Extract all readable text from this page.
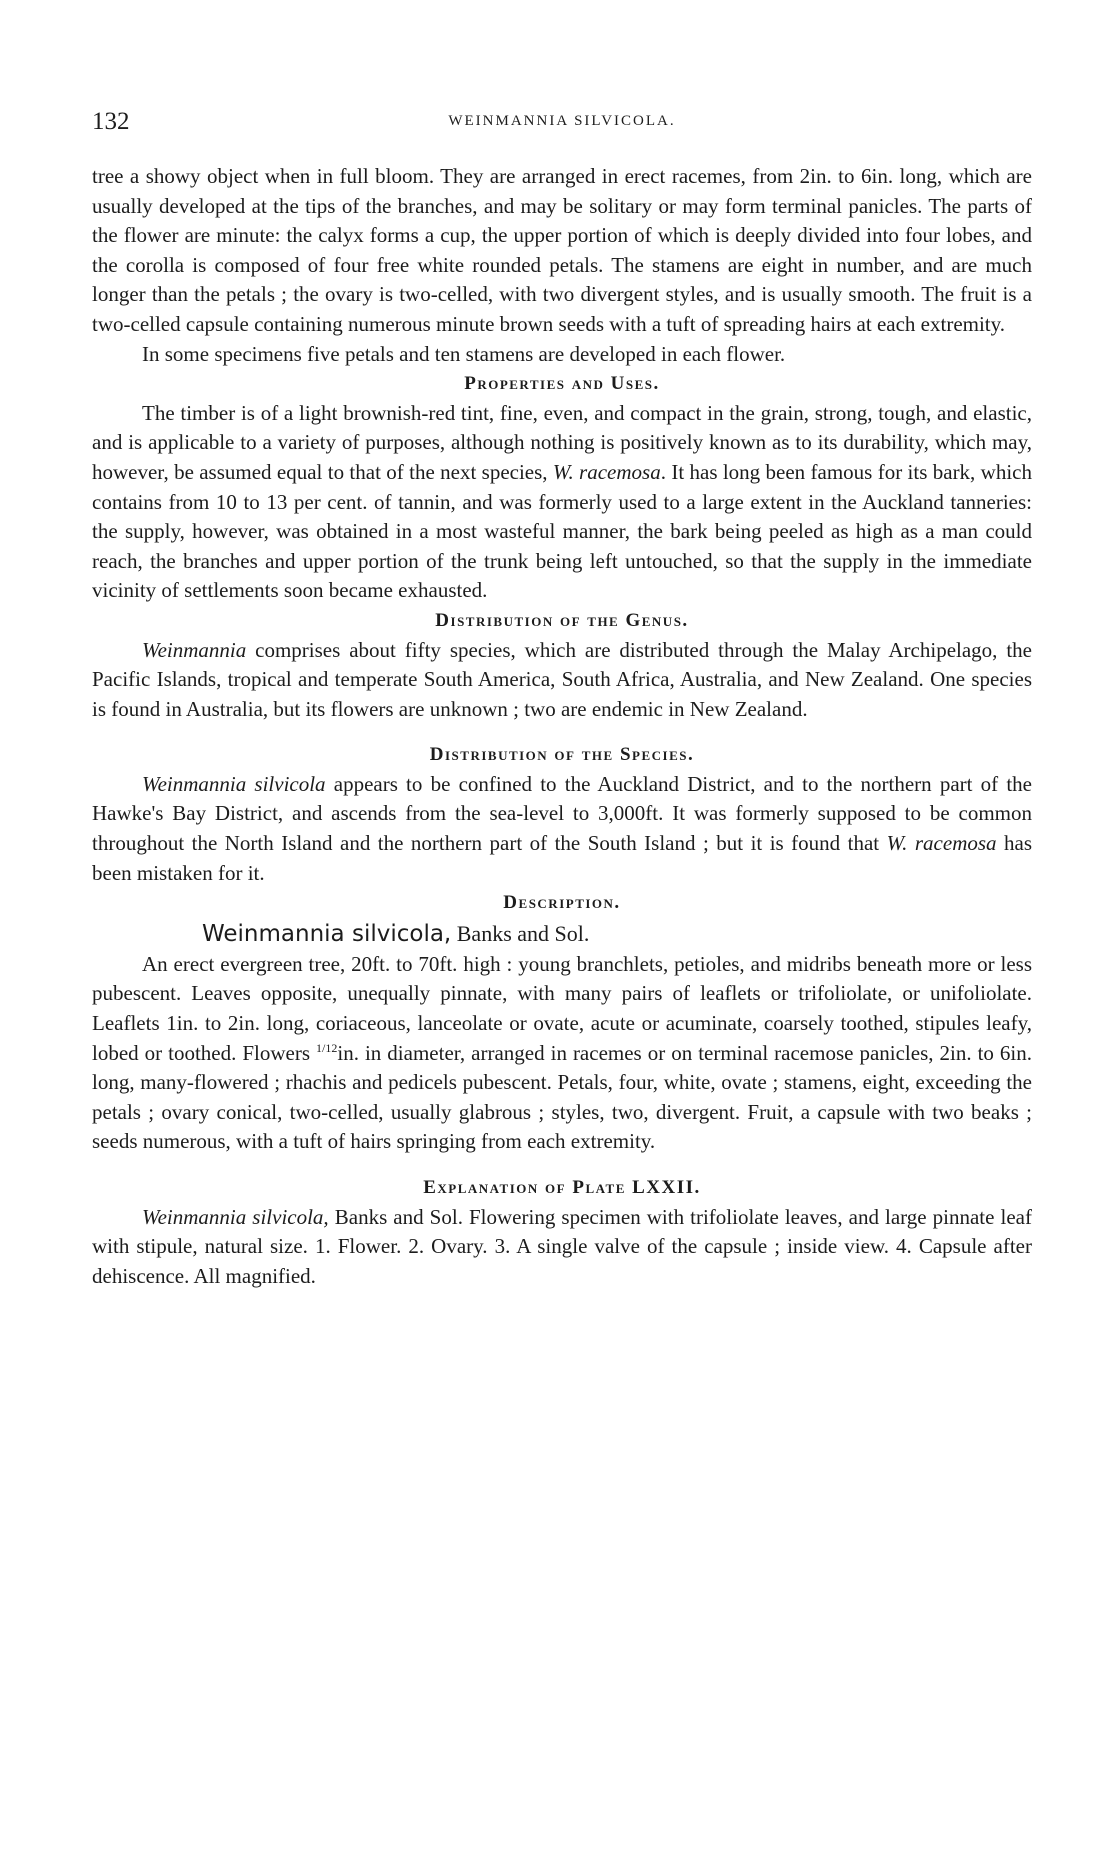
132	WEINMANNIA SILVICOLA.

tree a showy object when in full bloom. They are arranged in erect racemes, from 2in. to 6in. long, which are usually developed at the tips of the branches, and may be solitary or may form terminal panicles. The parts of the flower are minute: the calyx forms a cup, the upper portion of which is deeply divided into four lobes, and the corolla is composed of four free white rounded petals. The stamens are eight in number, and are much longer than the petals ; the ovary is two-celled, with two divergent styles, and is usually smooth. The fruit is a two-celled capsule containing numerous minute brown seeds with a tuft of spreading hairs at each extremity.

In some specimens five petals and ten stamens are developed in each flower.

Properties and Uses.

The timber is of a light brownish-red tint, fine, even, and compact in the grain, strong, tough, and elastic, and is applicable to a variety of purposes, although nothing is positively known as to its durability, which may, however, be assumed equal to that of the next species, W. racemosa. It has long been famous for its bark, which contains from 10 to 13 per cent. of tannin, and was formerly used to a large extent in the Auckland tanneries: the supply, however, was obtained in a most wasteful manner, the bark being peeled as high as a man could reach, the branches and upper portion of the trunk being left untouched, so that the supply in the immediate vicinity of settlements soon became exhausted.

Distribution of the Genus.

Weinmannia comprises about fifty species, which are distributed through the Malay Archipelago, the Pacific Islands, tropical and temperate South America, South Africa, Australia, and New Zealand. One species is found in Australia, but its flowers are unknown ; two are endemic in New Zealand.

Distribution of the Species.

Weinmannia silvicola appears to be confined to the Auckland District, and to the northern part of the Hawke's Bay District, and ascends from the sea-level to 3,000ft. It was formerly supposed to be common throughout the North Island and the northern part of the South Island ; but it is found that W. racemosa has been mistaken for it.

Description.

Weinmannia silvicola, Banks and Sol.

An erect evergreen tree, 20ft. to 70ft. high : young branchlets, petioles, and midribs beneath more or less pubescent. Leaves opposite, unequally pinnate, with many pairs of leaflets or trifoliolate, or unifoliolate. Leaflets 1in. to 2in. long, coriaceous, lanceolate or ovate, acute or acuminate, coarsely toothed, stipules leafy, lobed or toothed. Flowers $^{1/12}$in. in diameter, arranged in racemes or on terminal racemose panicles, 2in. to 6in. long, many-flowered ; rhachis and pedicels pubescent. Petals, four, white, ovate ; stamens, eight, exceeding the petals ; ovary conical, two-celled, usually glabrous ; styles, two, divergent. Fruit, a capsule with two beaks ; seeds numerous, with a tuft of hairs springing from each extremity.

Explanation of Plate LXXII.

Weinmannia silvicola, Banks and Sol. Flowering specimen with trifoliolate leaves, and large pinnate leaf with stipule, natural size. 1. Flower. 2. Ovary. 3. A single valve of the capsule ; inside view. 4. Capsule after dehiscence. All magnified.
